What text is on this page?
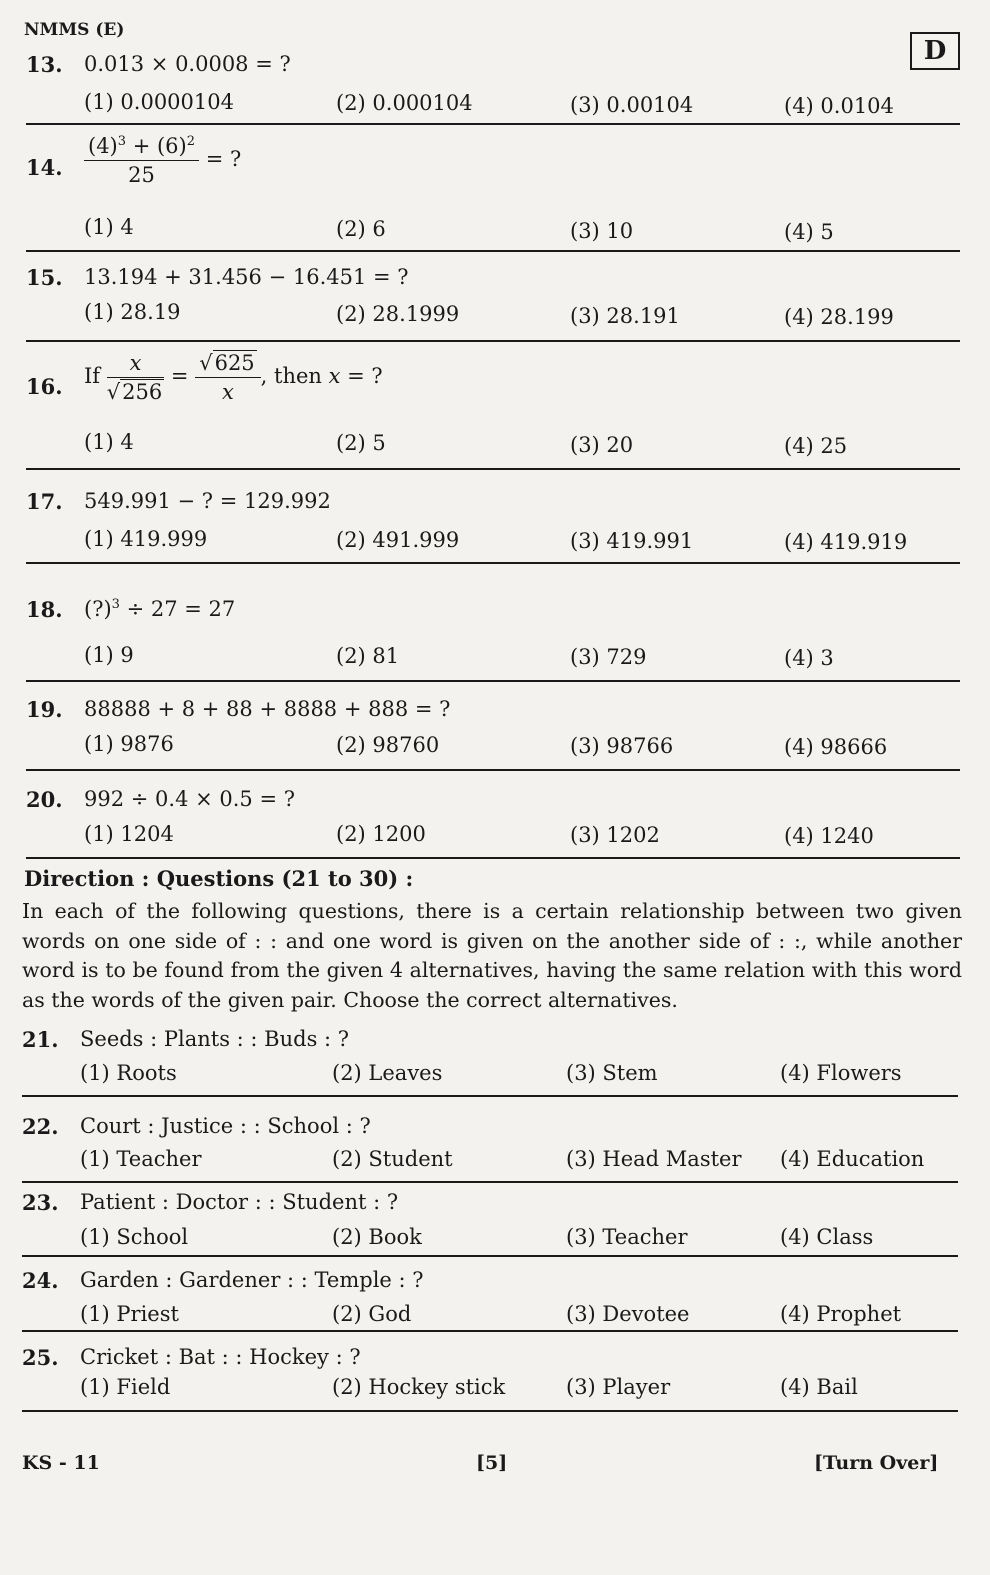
NMMS (E)
D
13. 0.013 × 0.0008 = ?
(1) 0.0000104	(2) 0.000104	(3) 0.00104	(4) 0.0104
14. $\frac{(4)^3 + (6)^2}{25}$ = ?
(1) 4	(2) 6	(3) 10	(4) 5
15. 13.194 + 31.456 − 16.451 = ?
(1) 28.19	(2) 28.1999	(3) 28.191	(4) 28.199
16. If $\frac{x}{√256} = \frac{√625}{x}$ , then x = ?
(1) 4	(2) 5	(3) 20	(4) 25
17. 549.991 − ? = 129.992
(1) 419.999	(2) 491.999	(3) 419.991	(4) 419.919
18. (?)$^3$ ÷ 27 = 27
(1) 9	(2) 81	(3) 729	(4) 3
19. 88888 + 8 + 88 + 8888 + 888 = ?
(1) 9876	(2) 98760	(3) 98766	(4) 98666
20. 992 ÷ 0.4 × 0.5 = ?
(1) 1204	(2) 1200	(3) 1202	(4) 1240
Direction : Questions (21 to 30) :
In each of the following questions, there is a certain relationship between two given words on one side of : : and one word is given on the another side of : :, while another word is to be found from the given 4 alternatives, having the same relation with this word as the words of the given pair. Choose the correct alternatives.
21. Seeds : Plants : : Buds : ?
(1) Roots	(2) Leaves	(3) Stem	(4) Flowers
22. Court : Justice : : School : ?
(1) Teacher	(2) Student	(3) Head Master (4) Education
23. Patient : Doctor : : Student : ?
(1) School	(2) Book	(3) Teacher	(4) Class
24. Garden : Gardener : : Temple : ?
(1) Priest	(2) God	(3) Devotee	(4) Prophet
25. Cricket : Bat : : Hockey : ?
(1) Field	(2) Hockey stick	(3) Player	(4) Bail
KS - 11	[5]	[Turn Over]
